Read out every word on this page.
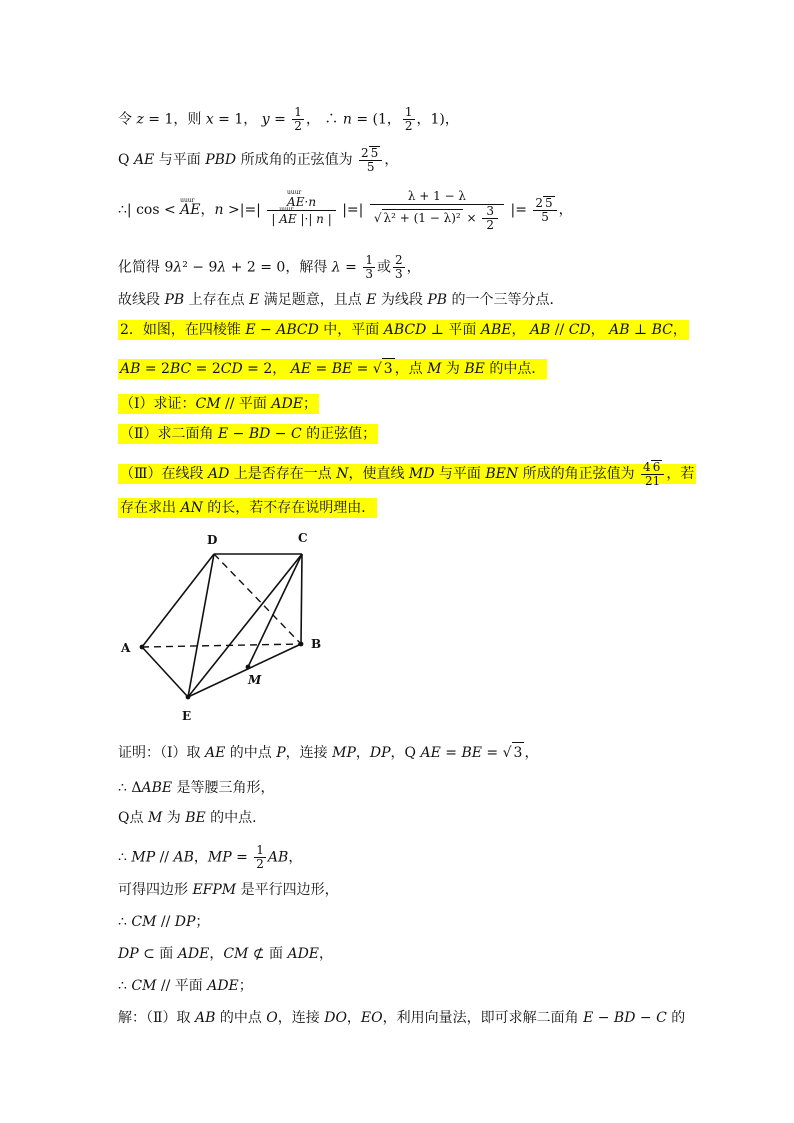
令 z = 1，则 x = 1， $y = \frac{1}{2}$ ， ∴ n = (1， $\frac{1}{2}$ ，1)，
Q AE 与平面 PBD 所成角的正弦值为 $\frac{2 5}{5}$ ，
∴| cos < u u u r AE，n >|=|
u u u r $\frac{AE\cdot n}{\text{| u u u r AE |·| n |}}$ |=| $\frac{\lambda + 1 - \lambda}{√ \lambda^2 + (1 - \lambda)^2 \times \frac{3}{2}}$ |= $\frac{2 5}{5}$ ，
化简得 9λ² − 9λ + 2 = 0，解得 $\lambda = \frac{1}{3}$ 或 $\frac{2}{3}$ ，
故线段 PB 上存在点 E 满足题意，且点 E 为线段 PB 的一个三等分点．
2．如图，在四棱锥 E − ABCD 中，平面 ABCD ⊥ 平面 ABE， AB // CD， AB ⊥ BC，
AB = 2BC = 2CD = 2， AE = BE = √ 3 ，点 M 为 BE 的中点．
（Ⅰ）求证：CM // 平面 ADE；
（Ⅱ）求二面角 E − BD − C 的正弦值；
（Ⅲ）在线段 AD 上是否存在一点 N，使直线 MD 与平面 BEN 所成的角正弦值为 $\frac{4 6}{21}$ ，若
存在求出 AN 的长，若不存在说明理由．
D	C
A	B
E
M
证明：（Ⅰ）取 AE 的中点 P，连接 MP，DP，Q AE = BE = √ 3 ，
∴ ΔABE 是等腰三角形，
Q点 M 为 BE 的中点．
∴ MP // AB，MP = $\frac{1}{2}$ AB，
可得四边形 EFPM 是平行四边形，
∴ CM // DP；
DP ⊂ 面 ADE，CM ⊄ 面 ADE，
∴ CM // 平面 ADE；
解：（Ⅱ）取 AB 的中点 O，连接 DO，EO，利用向量法，即可求解二面角 E − BD − C 的
